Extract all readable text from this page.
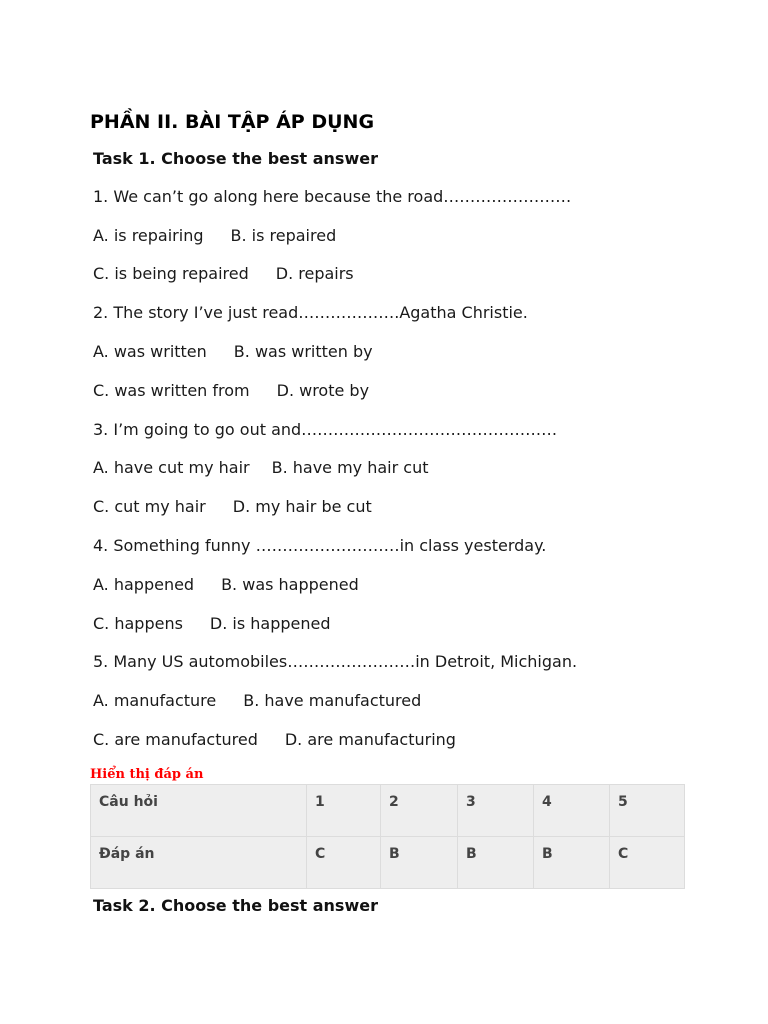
PHẦN II. BÀI TẬP ÁP DỤNG
Task 1. Choose the best answer
1. We can’t go along here because the road……………………
A. is repairing B. is repaired
C. is being repaired D. repairs
2. The story I’ve just read……………….Agatha Christie.
A. was written B. was written by
C. was written from D. wrote by
3. I’m going to go out and…………………………………………
A. have cut my hair B. have my hair cut
C. cut my hair D. my hair be cut
4. Something funny ………………………in class yesterday.
A. happened B. was happened
C. happens D. is happened
5. Many US automobiles……………………in Detroit, Michigan.
A. manufacture B. have manufactured
C. are manufactured D. are manufacturing
Hiển thị đáp án
Câu hỏi	1	2	3	4	5
Đáp án	C	B	B	B	C
Task 2. Choose the best answer
